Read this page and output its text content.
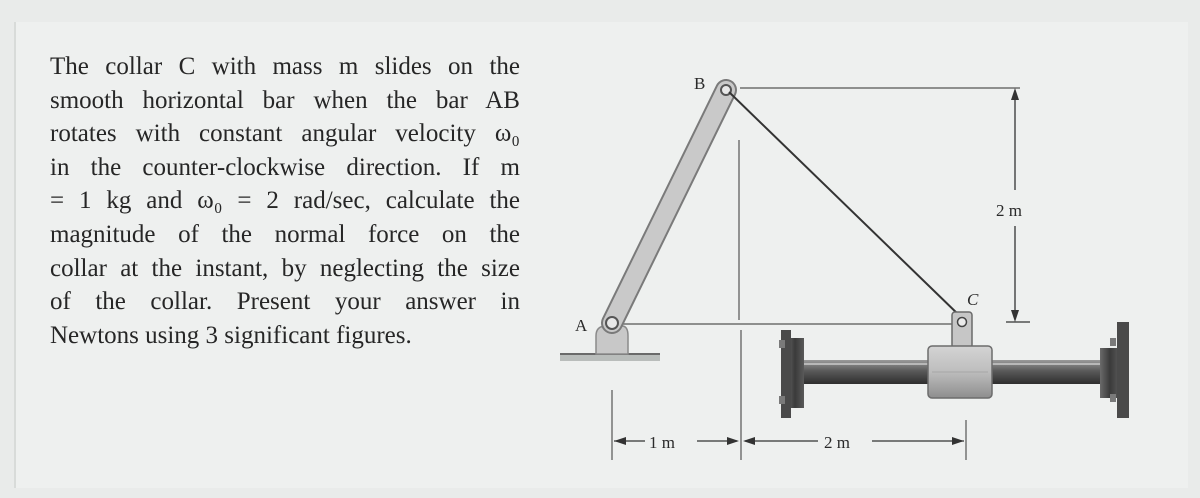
The collar C with mass m slides on the
smooth horizontal bar when the bar AB
rotates with constant angular velocity ω₀
in the counter-clockwise direction. If m
= 1 kg and ω₀ = 2 rad/sec, calculate the
magnitude of the normal force on the
collar at the instant, by neglecting the size
of the collar. Present your answer in
Newtons using 3 significant figures.	A
B
C
2 m
1 m	2 m
